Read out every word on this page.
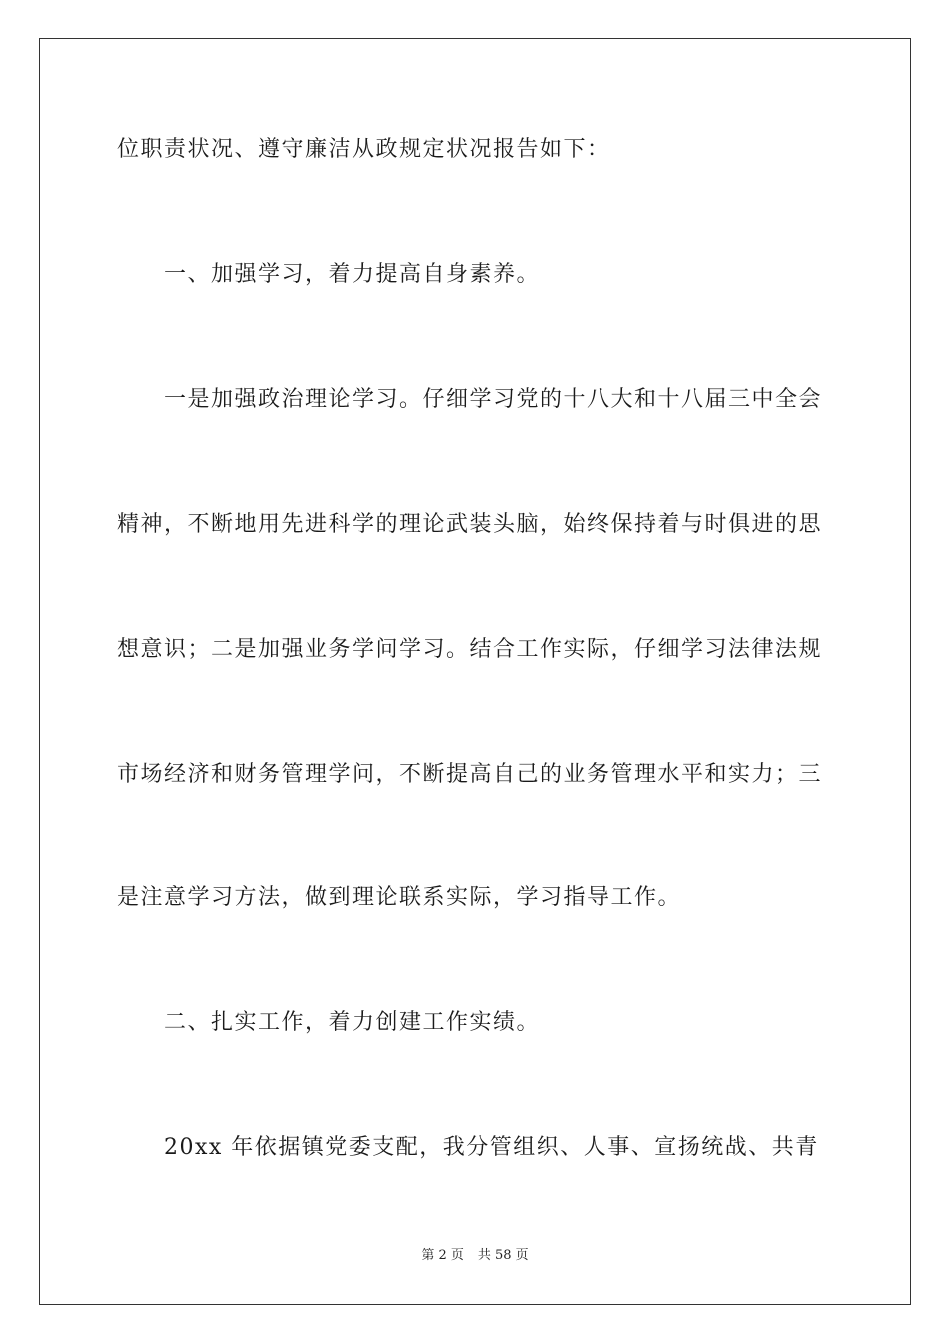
位职责状况、遵守廉洁从政规定状况报告如下：
一、加强学习，着力提高自身素养。
一是加强政治理论学习。仔细学习党的十八大和十八届三中全会
精神，不断地用先进科学的理论武装头脑，始终保持着与时俱进的思
想意识；二是加强业务学问学习。结合工作实际，仔细学习法律法规
市场经济和财务管理学问，不断提高自己的业务管理水平和实力；三
是注意学习方法，做到理论联系实际，学习指导工作。
二、扎实工作，着力创建工作实绩。
20xx 年依据镇党委支配，我分管组织、人事、宣扬统战、共青
第 2 页 共 58 页
